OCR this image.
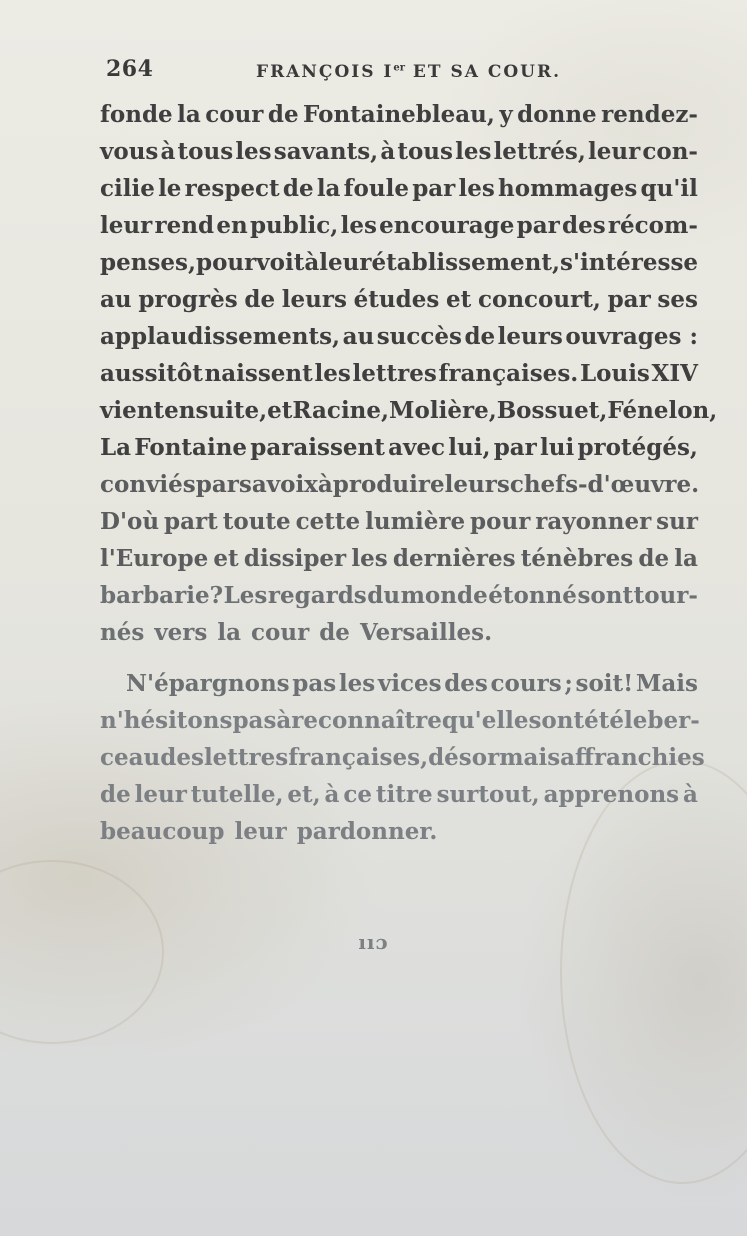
264	FRANÇOIS Ier ET SA COUR.
fonde la cour de Fontainebleau, y donne rendez-
vous à tous les savants, à tous les lettrés, leur con-
cilie le respect de la foule par les hommages qu'il
leur rend en public, les encourage par des récom-
penses, pourvoit à leur établissement, s'intéresse
au progrès de leurs études et concourt, par ses
applaudissements, au succès de leurs ouvrages :
aussitôt naissent les lettres françaises. Louis XIV
vient ensuite, et Racine, Molière, Bossuet, Fénelon,
La Fontaine paraissent avec lui, par lui protégés,
conviés par sa voix à produire leurs chefs-d'œuvre.
D'où part toute cette lumière pour rayonner sur
l'Europe et dissiper les dernières ténèbres de la
barbarie? Les regards du monde étonné sont tour-
nés vers la cour de Versailles.
N'épargnons pas les vices des cours ; soit! Mais
n'hésitons pas à reconnaître qu'elles ont été le ber-
ceau des lettres françaises, désormais affranchies
de leur tutelle, et, à ce titre surtout, apprenons à
beaucoup leur pardonner.
ııɔ
